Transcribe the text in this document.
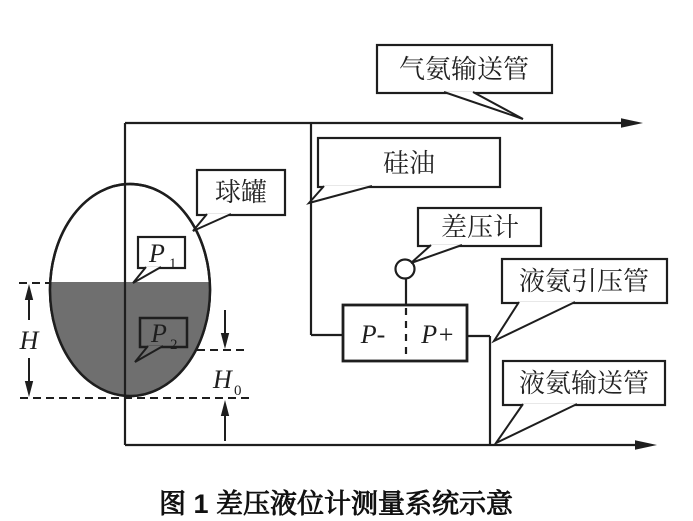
H
H 0
P 1
P 2	P- P+
气氨输送管
硅油
球罐
差压计
液氨引压管
液氨输送管
图 1 差压液位计测量系统示意
